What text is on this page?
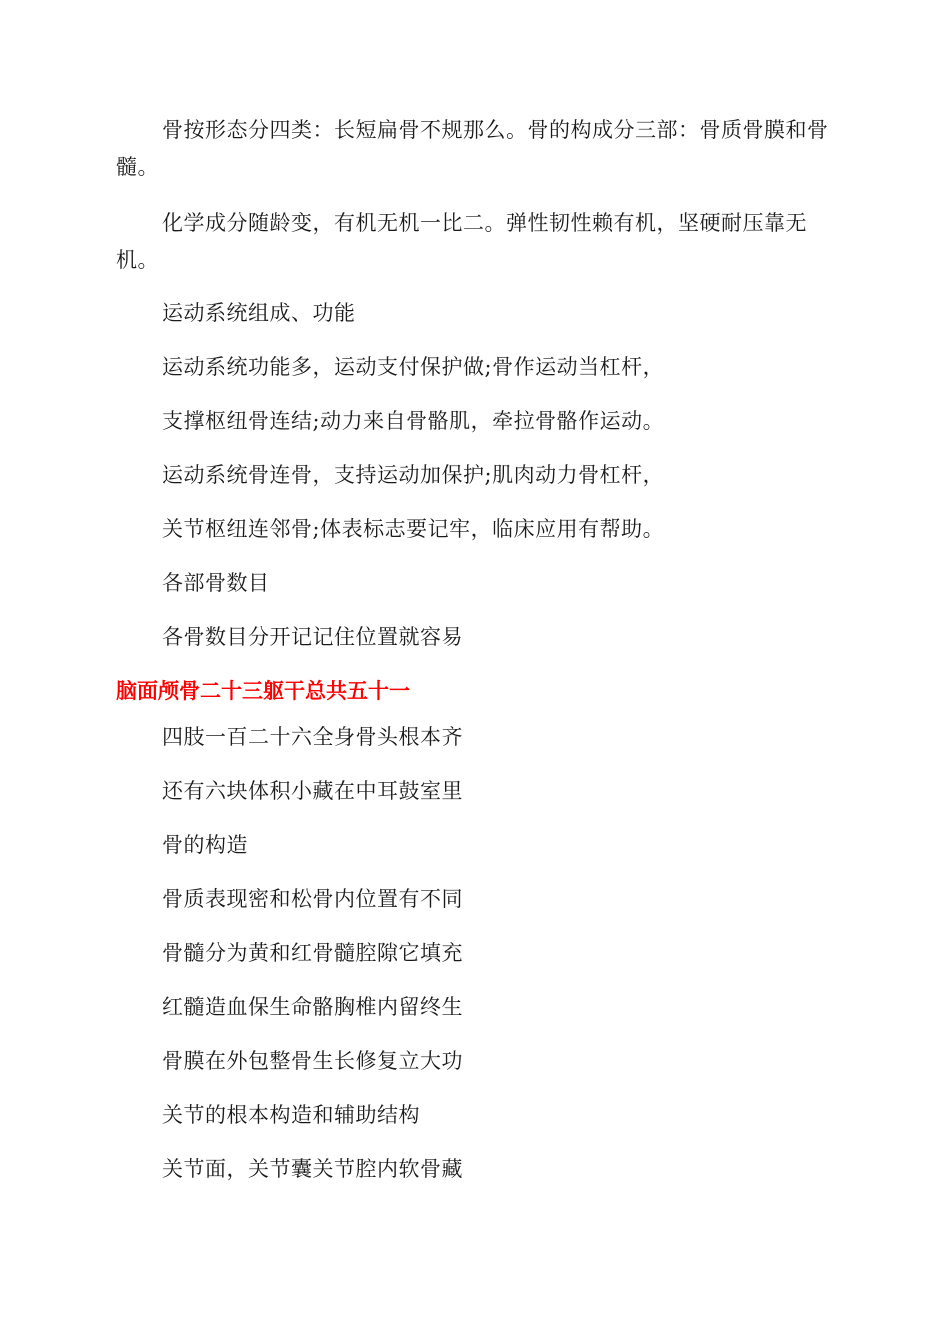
骨按形态分四类：长短扁骨不规那么。骨的构成分三部：骨质骨膜和骨髓。

化学成分随龄变，有机无机一比二。弹性韧性赖有机，坚硬耐压靠无机。

运动系统组成、功能

运动系统功能多，运动支付保护做;骨作运动当杠杆，

支撑枢纽骨连结;动力来自骨骼肌，牵拉骨骼作运动。

运动系统骨连骨，支持运动加保护;肌肉动力骨杠杆，

关节枢纽连邻骨;体表标志要记牢，临床应用有帮助。

各部骨数目

各骨数目分开记记住位置就容易

脑面颅骨二十三躯干总共五十一

四肢一百二十六全身骨头根本齐

还有六块体积小藏在中耳鼓室里

骨的构造

骨质表现密和松骨内位置有不同

骨髓分为黄和红骨髓腔隙它填充

红髓造血保生命骼胸椎内留终生

骨膜在外包整骨生长修复立大功

关节的根本构造和辅助结构

关节面，关节囊关节腔内软骨藏
